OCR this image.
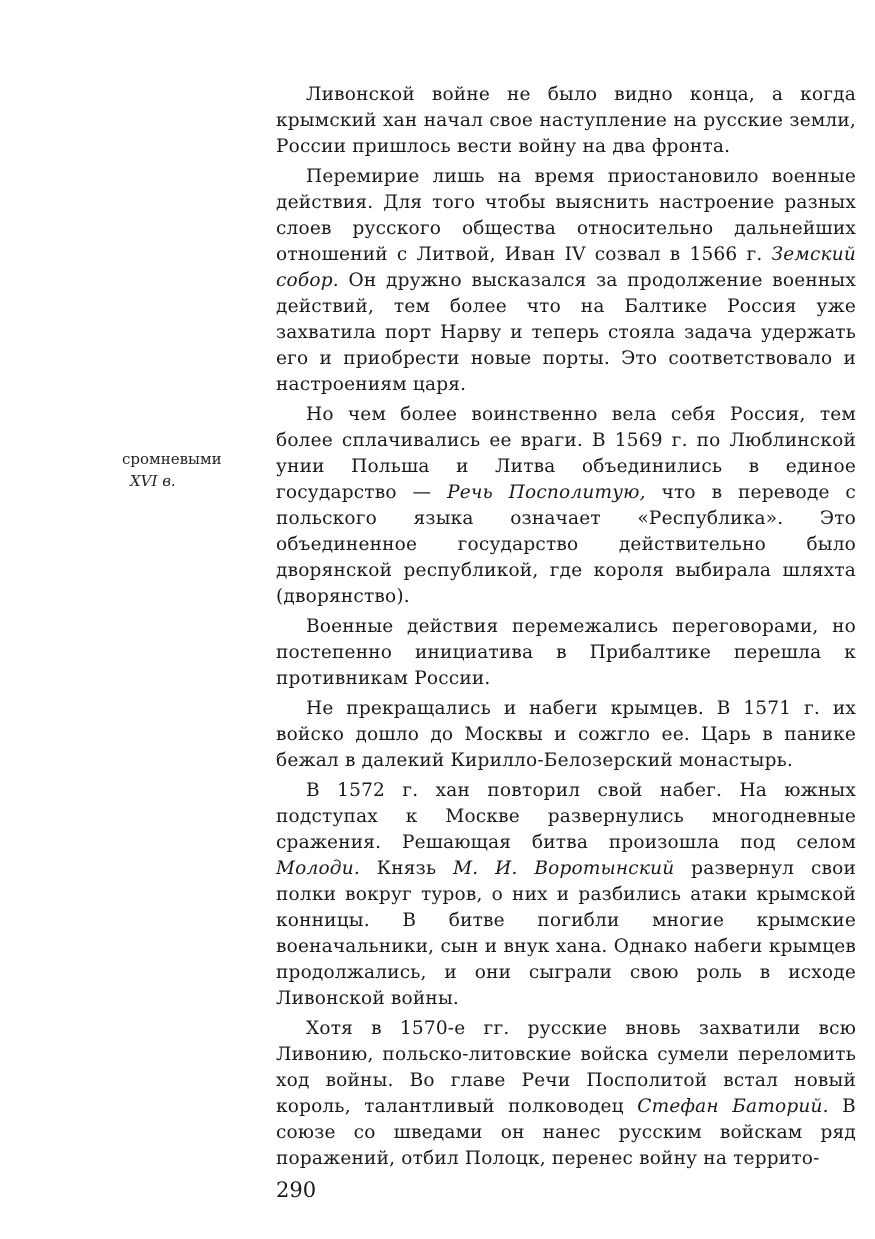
сромневыми
XVI в.

Ливонской войне не было видно конца, а когда крымский хан начал свое наступление на русские земли, России пришлось вести войну на два фронта.

Перемирие лишь на время приостановило военные действия. Для того чтобы выяснить настроение разных слоев русского общества относительно дальнейших отношений с Литвой, Иван IV созвал в 1566 г. Земский собор. Он дружно высказался за продолжение военных действий, тем более что на Балтике Россия уже захватила порт Нарву и теперь стояла задача удержать его и приобрести новые порты. Это соответствовало и настроениям царя.

Но чем более воинственно вела себя Россия, тем более сплачивались ее враги. В 1569 г. по Люблинской унии Польша и Литва объединились в единое государство — Речь Посполитую, что в переводе с польского языка означает «Республика». Это объединенное государство действительно было дворянской республикой, где короля выбирала шляхта (дворянство).

Военные действия перемежались переговорами, но постепенно инициатива в Прибалтике перешла к противникам России.

Не прекращались и набеги крымцев. В 1571 г. их войско дошло до Москвы и сожгло ее. Царь в панике бежал в далекий Кирилло-Белозерский монастырь.

В 1572 г. хан повторил свой набег. На южных подступах к Москве развернулись многодневные сражения. Решающая битва произошла под селом Молоди. Князь М. И. Воротынский развернул свои полки вокруг туров, о них и разбились атаки крымской конницы. В битве погибли многие крымские военачальники, сын и внук хана. Однако набеги крымцев продолжались, и они сыграли свою роль в исходе Ливонской войны.

Хотя в 1570-е гг. русские вновь захватили всю Ливонию, польско-литовские войска сумели переломить ход войны. Во главе Речи Посполитой встал новый король, талантливый полководец Стефан Баторий. В союзе со шведами он нанес русским войскам ряд поражений, отбил Полоцк, перенес войну на террито-

290
